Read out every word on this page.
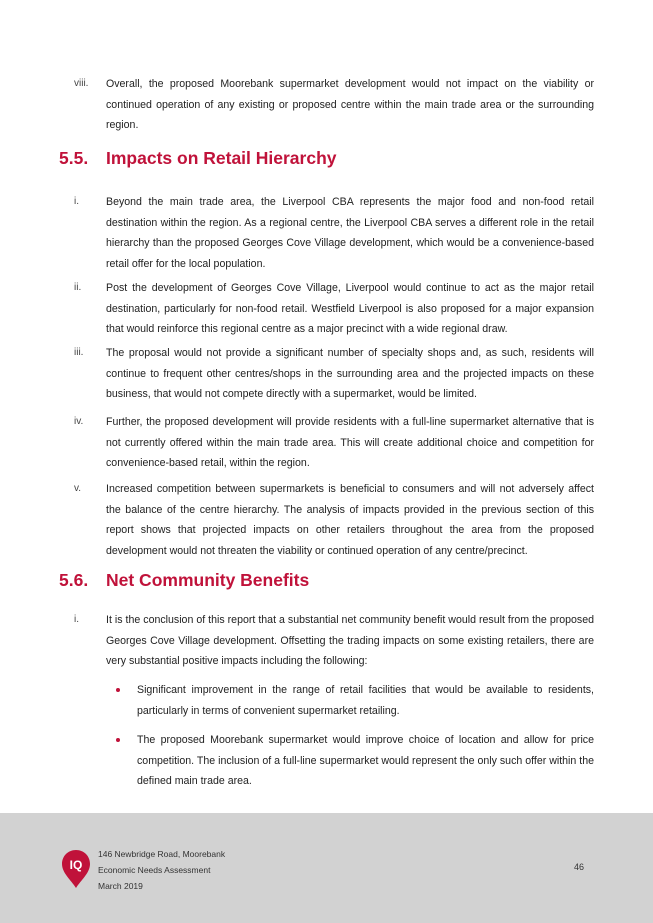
viii. Overall, the proposed Moorebank supermarket development would not impact on the viability or continued operation of any existing or proposed centre within the main trade area or the surrounding region.
5.5. Impacts on Retail Hierarchy
i.	Beyond the main trade area, the Liverpool CBA represents the major food and non-food retail destination within the region. As a regional centre, the Liverpool CBA serves a different role in the retail hierarchy than the proposed Georges Cove Village development, which would be a convenience-based retail offer for the local population.
ii. Post the development of Georges Cove Village, Liverpool would continue to act as the major retail destination, particularly for non-food retail. Westfield Liverpool is also proposed for a major expansion that would reinforce this regional centre as a major precinct with a wide regional draw.
iii. The proposal would not provide a significant number of specialty shops and, as such, residents will continue to frequent other centres/shops in the surrounding area and the projected impacts on these business, that would not compete directly with a supermarket, would be limited.
iv. Further, the proposed development will provide residents with a full-line supermarket alternative that is not currently offered within the main trade area. This will create additional choice and competition for convenience-based retail, within the region.
v. Increased competition between supermarkets is beneficial to consumers and will not adversely affect the balance of the centre hierarchy. The analysis of impacts provided in the previous section of this report shows that projected impacts on other retailers throughout the area from the proposed development would not threaten the viability or continued operation of any centre/precinct.
5.6. Net Community Benefits
i.	It is the conclusion of this report that a substantial net community benefit would result from the proposed Georges Cove Village development. Offsetting the trading impacts on some existing retailers, there are very substantial positive impacts including the following:
Significant improvement in the range of retail facilities that would be available to residents, particularly in terms of convenient supermarket retailing.
The proposed Moorebank supermarket would improve choice of location and allow for price competition. The inclusion of a full-line supermarket would represent the only such offer within the defined main trade area.
IQ
146 Newbridge Road, Moorebank
Economic Needs Assessment
March 2019
46
